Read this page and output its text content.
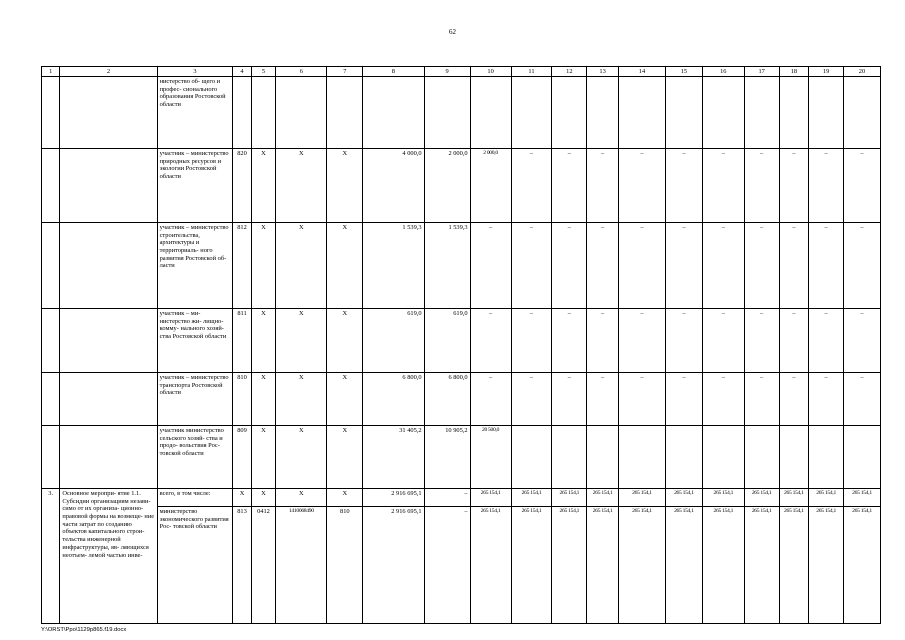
62
1	2	3	4	5	6	7	8	9	10	11	12	13	14	15	16	17	18	19	20
		нистерство об- щего и профес- сионального образования Ростовской области																	
		участник – министерство природных ресурсов и экологии Ростовской области	820	X	X	X	4 000,0	2 000,0	2 000,0	–	–	–	–	–	–	–	–	–	–
		участник – министерство строительства, архитектуры и территориаль- ного развития Ростовской об- ласти	812	X	X	X	1 539,3	1 539,3	–	–	–	–	–	–	–	–	–	–	–
		участник – ми- нистерство жи- лищно-комму- нального хозяй- ства Ростовской области	811	X	X	X	619,0	619,0	–	–	–	–	–	–	–	–	–	–	–
		участник – министерство транспорта Ростовской области	810	X	X	X	6 800,0	6 800,0	–	–	–	–	–	–	–	–	–	–	–
		участник министерство сельского хозяй- ства и продо- вольствия Рос- товской области	809	X	X	X	31 405,2	10 905,2	20 500,0										
3.	Основное меропри- ятие 1.1. Субсидии организациям незави- симо от их организа- ционно-правовой формы на возмеще- ние части затрат по созданию объектов капитального строи- тельства инженерной инфраструктуры, яв- ляющихся неотъем- лемой частью инве-	всего, в том числе:	X	X	X	X	2 916 695,1	–	265 154,1	265 154,1	265 154,1	265 154,1	265 154,1	265 154,1	265 154,1	265 154,1	265 154,1	265 154,1	265 154,1
		министерство экономического развития Рос- товской области	813	0412	1410068490	810	2 916 695,1	–	265 154,1	265 154,1	265 154,1	265 154,1	265 154,1	265 154,1	265 154,1	265 154,1	265 154,1	265 154,1	265 154,1
Y:\ORST\Ppo\1129p865.f19.docx
